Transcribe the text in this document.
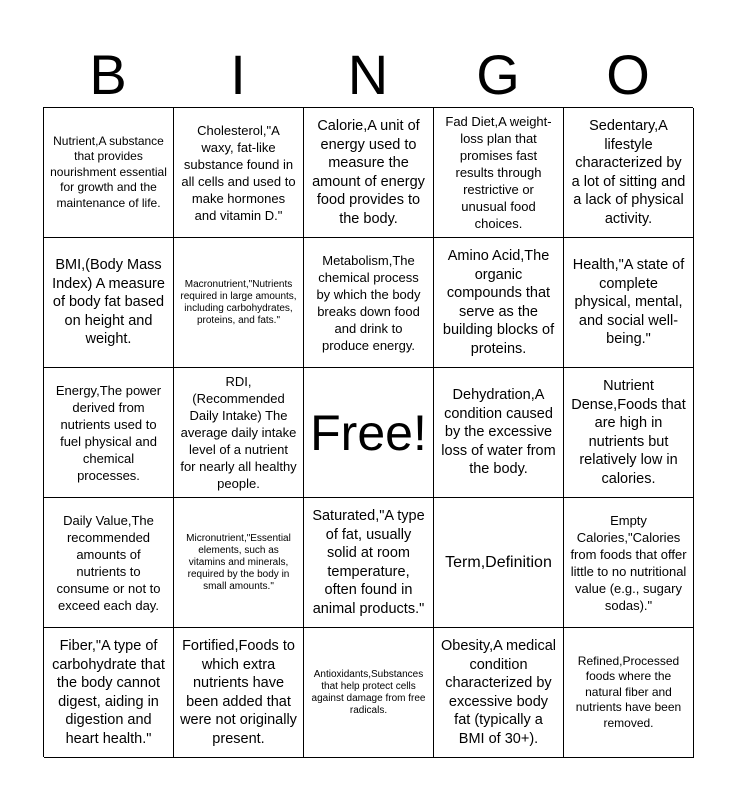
B	I	N	G	O
Nutrient,A substance that provides nourishment essential for growth and the maintenance of life.
Cholesterol,"A waxy, fat-like substance found in all cells and used to make hormones and vitamin D."
Calorie,A unit of energy used to measure the amount of energy food provides to the body.
Fad Diet,A weight-loss plan that promises fast results through restrictive or unusual food choices.
Sedentary,A lifestyle characterized by a lot of sitting and a lack of physical activity.
BMI,(Body Mass Index) A measure of body fat based on height and weight.
Macronutrient,"Nutrients required in large amounts, including carbohydrates, proteins, and fats."
Metabolism,The chemical process by which the body breaks down food and drink to produce energy.
Amino Acid,The organic compounds that serve as the building blocks of proteins.
Health,"A state of complete physical, mental, and social well-being."
Energy,The power derived from nutrients used to fuel physical and chemical processes.
RDI,(Recommended Daily Intake) The average daily intake level of a nutrient for nearly all healthy people.
Free!
Dehydration,A condition caused by the excessive loss of water from the body.
Nutrient Dense,Foods that are high in nutrients but relatively low in calories.
Daily Value,The recommended amounts of nutrients to consume or not to exceed each day.
Micronutrient,"Essential elements, such as vitamins and minerals, required by the body in small amounts."
Saturated,"A type of fat, usually solid at room temperature, often found in animal products."
Term,Definition
Empty Calories,"Calories from foods that offer little to no nutritional value (e.g., sugary sodas)."
Fiber,"A type of carbohydrate that the body cannot digest, aiding in digestion and heart health."
Fortified,Foods to which extra nutrients have been added that were not originally present.
Antioxidants,Substances that help protect cells against damage from free radicals.
Obesity,A medical condition characterized by excessive body fat (typically a BMI of 30+).
Refined,Processed foods where the natural fiber and nutrients have been removed.
